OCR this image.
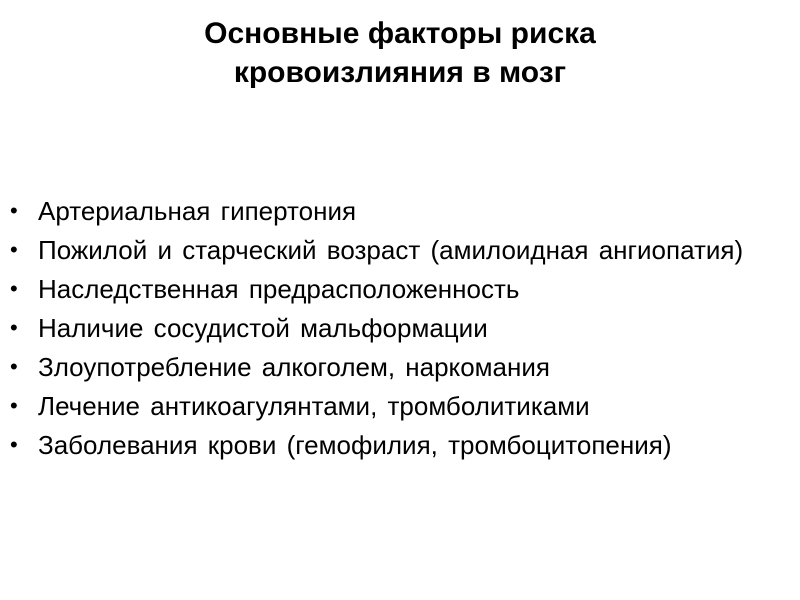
Основные факторы риска
кровоизлияния в мозг
• Артериальная гипертония
• Пожилой и старческий возраст (амилоидная ангиопатия)
• Наследственная предрасположенность
• Наличие сосудистой мальформации
• Злоупотребление алкоголем, наркомания
• Лечение антикоагулянтами, тромболитиками
• Заболевания крови (гемофилия, тромбоцитопения)
